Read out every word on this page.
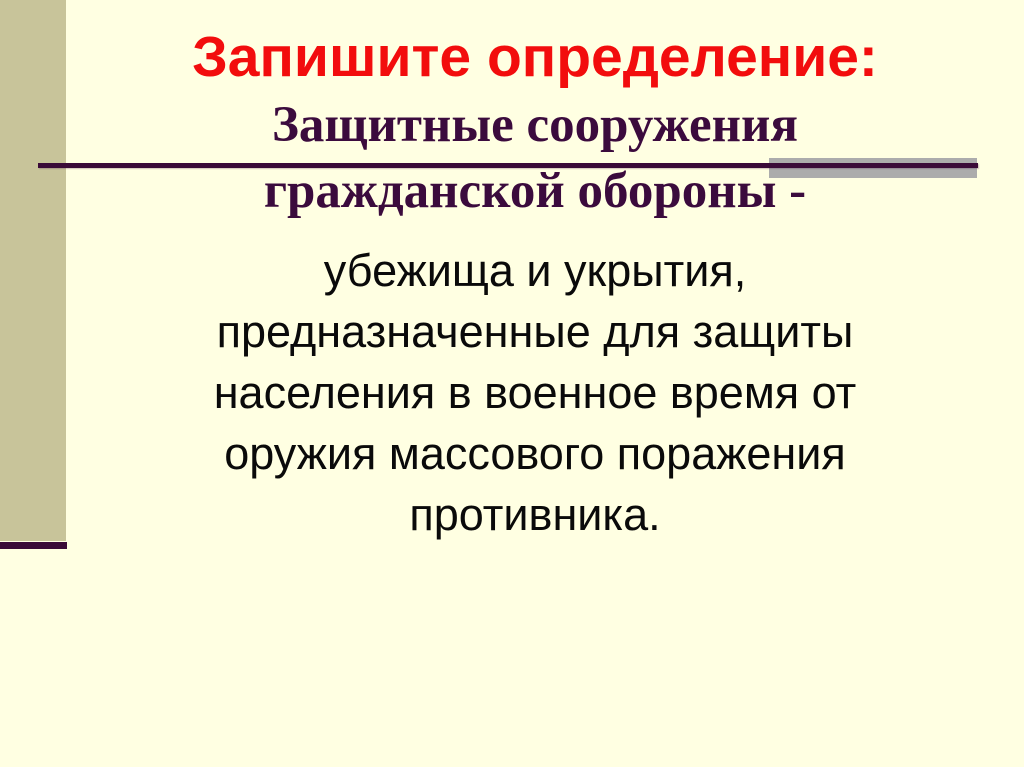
Запишите определение:
Защитные сооружения
гражданской обороны -
убежища и укрытия,
предназначенные для защиты
населения в военное время от
оружия массового поражения
противника.
